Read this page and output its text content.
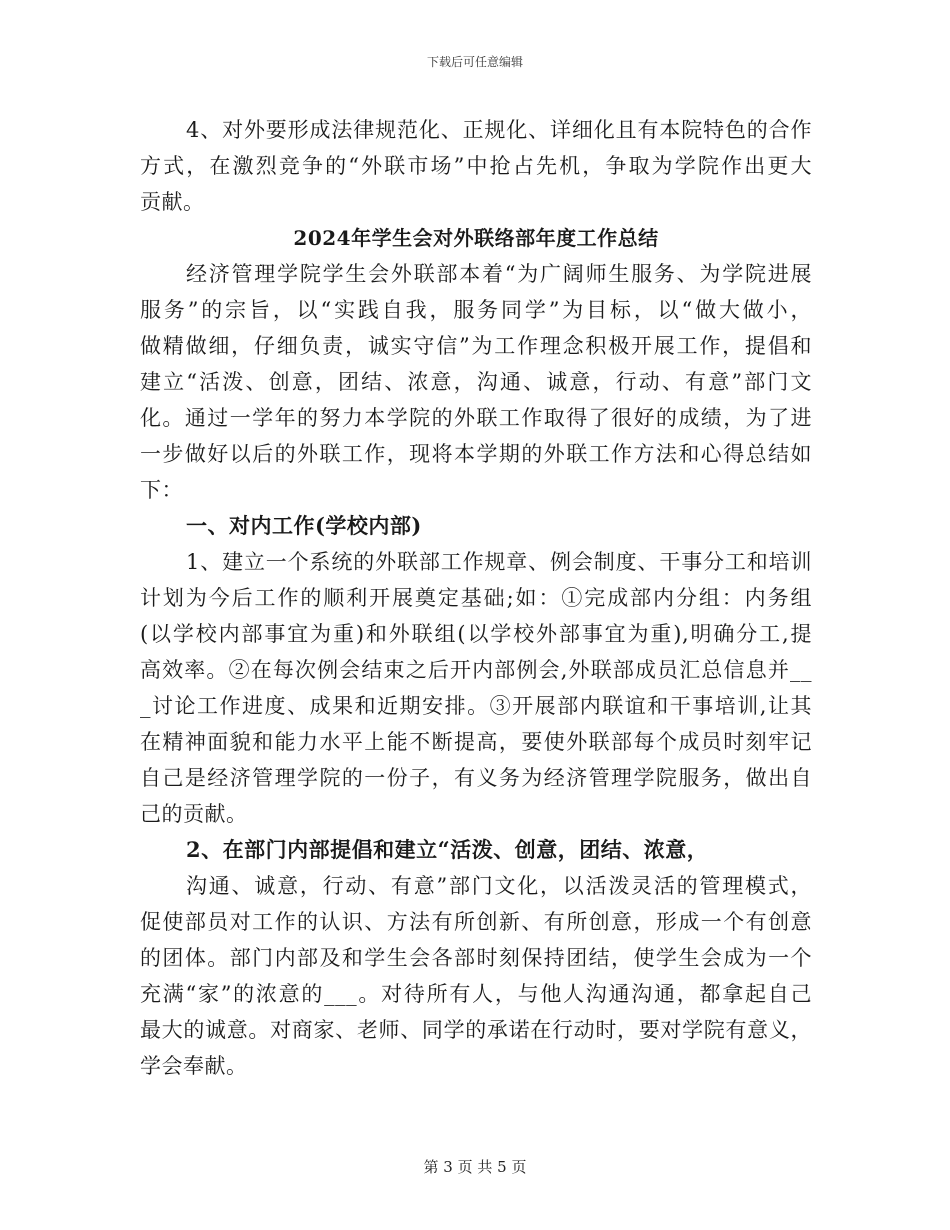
下载后可任意编辑
4、对外要形成法律规范化、正规化、详细化且有本院特色的合作
方式，在激烈竞争的“外联市场”中抢占先机，争取为学院作出更大
贡献。
2024年学生会对外联络部年度工作总结
经济管理学院学生会外联部本着“为广阔师生服务、为学院进展
服务”的宗旨，以“实践自我，服务同学”为目标，以“做大做小，
做精做细，仔细负责，诚实守信”为工作理念积极开展工作，提倡和
建立“活泼、创意，团结、浓意，沟通、诚意，行动、有意”部门文
化。通过一学年的努力本学院的外联工作取得了很好的成绩，为了进
一步做好以后的外联工作，现将本学期的外联工作方法和心得总结如
下：
一、对内工作(学校内部)
1、建立一个系统的外联部工作规章、例会制度、干事分工和培训
计划为今后工作的顺利开展奠定基础;如：①完成部内分组：内务组
(以学校内部事宜为重)和外联组(以学校外部事宜为重),明确分工,提
高效率。②在每次例会结束之后开内部例会,外联部成员汇总信息并__
_讨论工作进度、成果和近期安排。③开展部内联谊和干事培训,让其
在精神面貌和能力水平上能不断提高，要使外联部每个成员时刻牢记
自己是经济管理学院的一份子，有义务为经济管理学院服务，做出自
己的贡献。
2、在部门内部提倡和建立“活泼、创意，团结、浓意，
沟通、诚意，行动、有意”部门文化，以活泼灵活的管理模式，
促使部员对工作的认识、方法有所创新、有所创意，形成一个有创意
的团体。部门内部及和学生会各部时刻保持团结，使学生会成为一个
充满“家”的浓意的___。对待所有人，与他人沟通沟通，都拿起自己
最大的诚意。对商家、老师、同学的承诺在行动时，要对学院有意义，
学会奉献。
第 3 页 共 5 页
